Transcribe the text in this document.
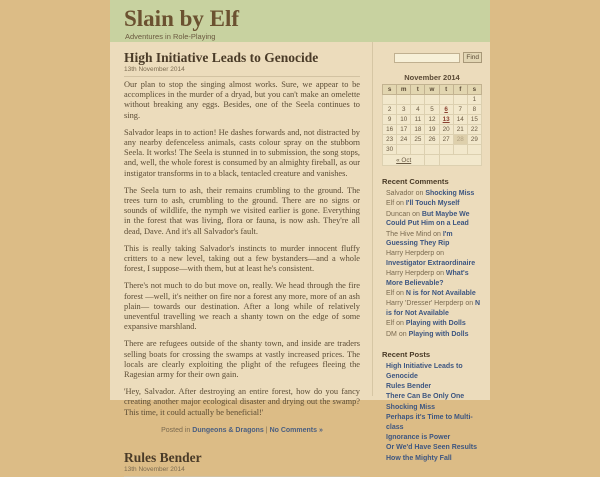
Slain by Elf

Adventures in Role-Playing

High Initiative Leads to Genocide
13th November 2014

Our plan to stop the singing almost works. Sure, we appear to be accomplices in the murder of a dryad, but you can't make an omelette without breaking any eggs. Besides, one of the Seela continues to sing.

Salvador leaps in to action! He dashes forwards and, not distracted by any nearby defenceless animals, casts colour spray on the stubborn Seela. It works! The Seela is stunned in to submission, the song stops, and, well, the whole forest is consumed by an almighty fireball, as our instigator transforms in to a black, tentacled creature and vanishes.

The Seela turn to ash, their remains crumbling to the ground. The trees turn to ash, crumbling to the ground. There are no signs or sounds of wildlife, the nymph we visited earlier is gone. Everything in the forest that was living, flora or fauna, is now ash. They're all dead, Dave. And it's all Salvador's fault.

This is really taking Salvador's instincts to murder innocent fluffy critters to a new level, taking out a few bystanders—and a whole forest, I suppose—with them, but at least he's consistent.

There's not much to do but move on, really. We head through the fire forest —well, it's neither on fire nor a forest any more, more of an ash plain— towards our destination. After a long while of relatively uneventful travelling we reach a shanty town on the edge of some expansive marshland.

There are refugees outside of the shanty town, and inside are traders selling boats for crossing the swamps at vastly increased prices. The locals are clearly exploiting the plight of the refugees fleeing the Ragesian army for their own gain.

'Hey, Salvador. After destroying an entire forest, how do you fancy creating another major ecological disaster and drying out the swamp? This time, it could actually be beneficial!'

Posted in Dungeons & Dragons | No Comments »
Rules Bender
13th November 2014
Find
November 2014
s	m	t	w	t	f	s
						1
2	3	4	5	6	7	8
9	10	11	12	13	14	15
16	17	18	19	20	21	22
23	24	25	26	27	28	29
30						
« Oct						
Recent Comments
Salvador on Shocking Miss
Elf on I'll Touch Myself
Duncan on But Maybe We Could Put Him on a Lead
The Hive Mind on I'm Guessing They Rip
Harry Herpderp on Investigator Extraordinaire
Harry Herpderp on What's More Believable?
Elf on N is for Not Available
Harry 'Dresser' Herpderp on N is for Not Available
Elf on Playing with Dolls
DM on Playing with Dolls
Recent Posts
High Initiative Leads to Genocide
Rules Bender
There Can Be Only One
Shocking Miss
Perhaps it's Time to Multi-class
Ignorance is Power
Or We'd Have Seen Results
How the Mighty Fall
